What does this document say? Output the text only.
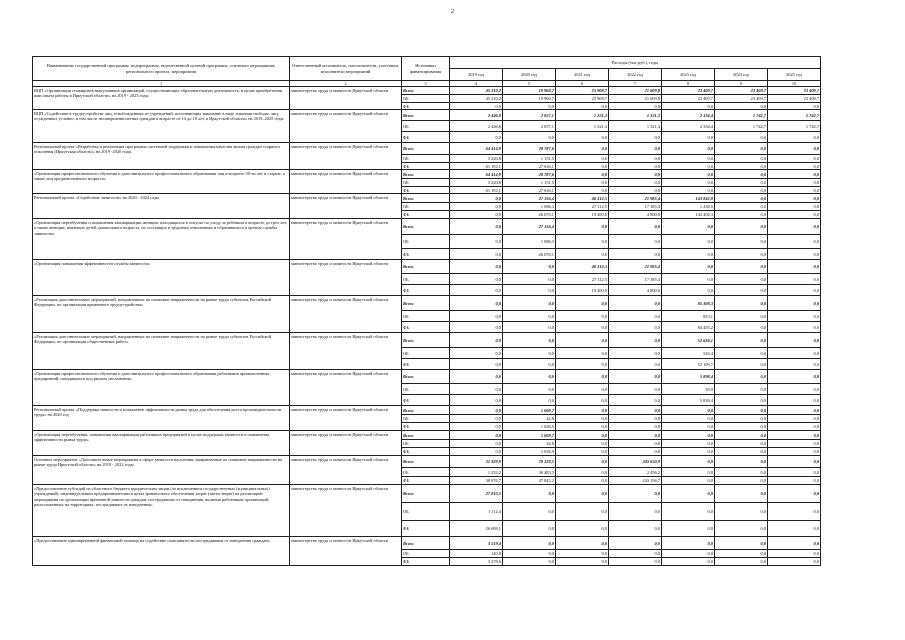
2
Наименование государственной программы, подпрограммы, ведомственной целевой программы, основного мероприятия, регионального проекта, мероприятия	Ответственный исполнитель, соисполнители, участники, исполнители мероприятий	Источники финансирования	Расходы (тыс.руб.), годы						
			2019 год	2020 год	2021 год	2022 год	2023 год	2024 год	2025 год
1	2	3	4	5	6	7	8	9	10
ВЦП «Организация стажировок выпускников организаций, осуществляющих образовательную деятельность, в целях приобретения ими опыта работы в Иркутской области» на 2019 - 2025 годы	министерство труда и занятости Иркутской области	Всего	45 210,2	19 960,7	25 908,7	21 609,0	23 409,7	23 409,7	23 409,7
		ОБ	45 210,2	19 960,7	25 908,7	21 609,0	23 409,7	23 409,7	23 409,7
		ФБ	0,0	0,0	0,0	0,0	0,0	0,0	0,0
ВЦП «Содействие в трудоустройстве лиц, освобожденных из учреждений, исполняющих наказание в виде лишения свободы, лиц, осужденных условно, в том числе несовершеннолетних граждан в возрасте от 14 до 18 лет, в Иркутской области» на 2019–2025 годы	министерство труда и занятости Иркутской области	Всего	2 446,8	2 057,1	1 321,3	1 321,3	2 334,4	1 742,7	1 742,7
		ОБ	2 446,8	2 057,1	1 321,3	1 321,3	2 334,4	1 742,7	1 742,7
		ФБ	0,0	0,0	0,0	0,0	0,0	0,0	0,0
Региональный проект «Разработка и реализация программы системной поддержки и повышения качества жизни граждан старшего поколения (Иркутская область)» на 2019 -2020 годы	министерство труда и занятости Иркутской области	Всего	64 414,9	28 787,6	0,0	0,0	0,0	0,0	0,0
		ОБ	3 220,8	1 151,5	0,0	0,0	0,0	0,0	0,0
		ФБ	61 194,1	27 636,1	0,0	0,0	0,0	0,0	0,0
«Организация профессионального обучения и дополнительного профессионального образования лиц в возрасте 50-ти лет и старше, а также лиц предпенсионного возраста»	министерство труда и занятости Иркутской области	Всего	64 414,9	28 787,6	0,0	0,0	0,0	0,0	0,0
		ОБ	3 220,8	1 151,5	0,0	0,0	0,0	0,0	0,0
		ФБ	61 194,1	27 636,1	0,0	0,0	0,0	0,0	0,0
Региональный проект «Содействие занятости» на 2020 - 2024 годы	министерство труда и занятости Иркутской области	Всего	0,0	27 156,4	46 312,5	21 985,4	143 842,8	0,0	0,0
		ОБ	0,0	1 086,3	27 112,5	17 185,4	1 438,5	0,0	0,0
		ФБ	0,0	26 070,1	19 200,0	4 800,0	142 404,3	0,0	0,0
«Организация переобучения и повышения квалификации женщин, находящихся в отпуске по уходу за ребенком в возрасте до трех лет, а также женщин, имеющих детей дошкольного возраста, не состоящих в трудовых отношениях и обратившихся в органы службы занятости»	министерство труда и занятости Иркутской области	Всего	0,0	27 156,4	0,0	0,0	0,0	0,0	0,0
		ОБ	0,0	1 086,3	0,0	0,0	0,0	0,0	0,0
		ФБ	0,0	26 070,1	0,0	0,0	0,0	0,0	0,0
«Организация повышения эффективности службы занятости»	министерство труда и занятости Иркутской области	Всего	0,0	0,0	46 312,5	21 985,4	0,0	0,0	0,0
		ОБ	0,0	0,0	27 112,5	17 185,4	0,0	0,0	0,0
		ФБ	0,0	0,0	19 200,0	4 800,0	0,0	0,0	0,0
«Реализация дополнительных мероприятий, направленных на снижение напряженности на рынке труда субъектов Российской Федерации, по организации временного трудоустройства»	министерство труда и занятости Иркутской области	Всего	0,0	0,0	0,0	0,0	85 308,3	0,0	0,0
		ОБ	0,0	0,0	0,0	0,0	853,1	0,0	0,0
		ФБ	0,0	0,0	0,0	0,0	84 455,2	0,0	0,0
«Реализация дополнительных мероприятий, направленных на снижение напряженности на рынке труда субъектов Российской Федерации, по организации общественных работ»	министерство труда и занятости Иркутской области	Всего	0,0	0,0	0,0	0,0	52 636,1	0,0	0,0
		ОБ	0,0	0,0	0,0	0,0	526,4	0,0	0,0
		ФБ	0,0	0,0	0,0	0,0	52 109,7	0,0	0,0
«Организация профессионального обучения и дополнительного профессионального образования работников промышленных предприятий, находящихся под риском увольнения»	министерство труда и занятости Иркутской области	Всего	0,0	0,0	0,0	0,0	5 898,4	0,0	0,0
		ОБ	0,0	0,0	0,0	0,0	59,0	0,0	0,0
		ФБ	0,0	0,0	0,0	0,0	5 839,4	0,0	0,0
Региональный проект «Поддержка занятости и повышение эффективности рынка труда для обеспечения роста производительности труда» на 2020 год	министерство труда и занятости Иркутской области	Всего	0,0	1 069,7	0,0	0,0	0,0	0,0	0,0
		ОБ	0,0	42,8	0,0	0,0	0,0	0,0	0,0
		ФБ	0,0	1 026,9	0,0	0,0	0,0	0,0	0,0
«Организация переобучения, повышения квалификации работников предприятий в целях поддержки занятости и повышения эффективности рынка труда»	министерство труда и занятости Иркутской области	Всего	0,0	1 069,7	0,0	0,0	0,0	0,0	0,0
		ОБ	0,0	42,8	0,0	0,0	0,0	0,0	0,0
		ФБ	0,0	1 026,9	0,0	0,0	0,0	0,0	0,0
Основное мероприятие «Дополнительные мероприятия в сфере занятости населения, направленные на снижение напряженности на рынке труда Иркутской области» на 2019 - 2022 годы	министерство труда и занятости Иркутской области	Всего	31 329,9	78 328,5	0,0	245 650,9	0,0	0,0	0,0
		ОБ	1 253,2	30 483,3	0,0	2 456,2	0,0	0,0	0,0
		ФБ	30 076,7	47 845,2	0,0	243 194,7	0,0	0,0	0,0
«Предоставление субсидий из областного бюджета юридическим лицам (за исключением государственных (муниципальных) учреждений), индивидуальным предпринимателям в целях финансового обеспечения затрат (части затрат) на реализацию мероприятия по организации временной занятости граждан, пострадавших от наводнения, включая работников организаций, расположенных на территориях, пострадавших от наводнения»	министерство труда и занятости Иркутской области	Всего	27 810,5	0,0	0,0	0,0	0,0	0,0	0,0
		ОБ	1 112,4	0,0	0,0	0,0	0,0	0,0	0,0
		ФБ	26 698,1	0,0	0,0	0,0	0,0	0,0	0,0
«Предоставление единовременной финансовой помощи на содействие самозанятости пострадавшим от наводнения граждан»	министерство труда и занятости Иркутской области	Всего	3 519,4	0,0	0,0	0,0	0,0	0,0	0,0
		ОБ	140,8	0,0	0,0	0,0	0,0	0,0	0,0
		ФБ	3 378,6	0,0	0,0	0,0	0,0	0,0	0,0
